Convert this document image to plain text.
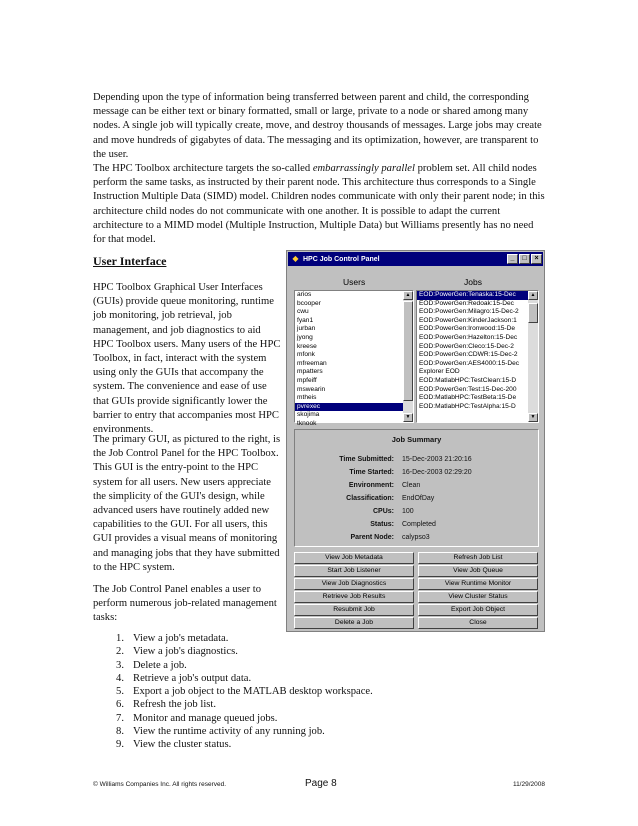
Depending upon the type of information being transferred between parent and child, the corresponding message can be either text or binary formatted, small or large, private to a node or shared among many nodes. A single job will typically create, move, and destroy thousands of messages. Large jobs may create and move hundreds of gigabytes of data. The messaging and its optimization, however, are transparent to the user.

The HPC Toolbox architecture targets the so-called embarrassingly parallel problem set. All child nodes perform the same tasks, as instructed by their parent node. This architecture thus corresponds to a Single Instruction Multiple Data (SIMD) model. Children nodes communicate with only their parent node; in this architecture child nodes do not communicate with one another. It is possible to adapt the current architecture to a MIMD model (Multiple Instruction, Multiple Data) but Williams presently has no need for that model.

User Interface

HPC Toolbox Graphical User Interfaces (GUIs) provide queue monitoring, runtime job monitoring, job retrieval, job management, and job diagnostics to aid HPC Toolbox users. Many users of the HPC Toolbox, in fact, interact with the system using only the GUIs that accompany the system. The convenience and ease of use that GUIs provide significantly lower the barrier to entry that accompanies most HPC environments.

The primary GUI, as pictured to the right, is the Job Control Panel for the HPC Toolbox. This GUI is the entry-point to the HPC system for all users. New users appreciate the simplicity of the GUI's design, while advanced users have routinely added new capabilities to the GUI. For all users, this GUI provides a visual means of monitoring and managing jobs that they have submitted to the HPC system.

The Job Control Panel enables a user to perform numerous job-related management tasks:

1. View a job's metadata.
2. View a job's diagnostics.
3. Delete a job.
4. Retrieve a job's output data.
5. Export a job object to the MATLAB desktop workspace.
6. Refresh the job list.
7. Monitor and manage queued jobs.
8. View the runtime activity of any running job.
9. View the cluster status.
◆ HPC Job Control Panel	_	□	×
Users	Jobs
arios
bcooper
cwu
fyan1
jurban
jyong
kreese
mfonk
mfreeman
mpatters
mpfeiff
mswearin
mtheis
pvrexec
skojima
tknook
▲
▼
EOD:PowerGen:Tenaska:15-Dec
EOD:PowerGen:Redoak:15-Dec
EOD:PowerGen:Milagro:15-Dec-2
EOD:PowerGen:KinderJackson:1
EOD:PowerGen:Ironwood:15-De
EOD:PowerGen:Hazelton:15-Dec
EOD:PowerGen:Cleco:15-Dec-2
EOD:PowerGen:CDWR:15-Dec-2
EOD:PowerGen:AES4000:15-Dec
Explorer EOD
EOD:MatlabHPC:TestClean:15-D
EOD:PowerGen:Test:15-Dec-200
EOD:MatlabHPC:TestBeta:15-De
EOD:MatlabHPC:TestAlpha:15-D
▲
▼
Job Summary
Time Submitted: 15-Dec-2003 21:20:16
Time Started: 16-Dec-2003 02:29:20
Environment: Clean
Classification: EndOfDay
CPUs: 100
Status: Completed
Parent Node: calypso3
View Job Metadata
Start Job Listener
View Job Diagnostics
Retrieve Job Results
Resubmit Job
Delete a Job
Refresh Job List
View Job Queue
View Runtime Monitor
View Cluster Status
Export Job Object
Close
© Williams Companies Inc. All rights reserved.	Page 8	11/29/2008
